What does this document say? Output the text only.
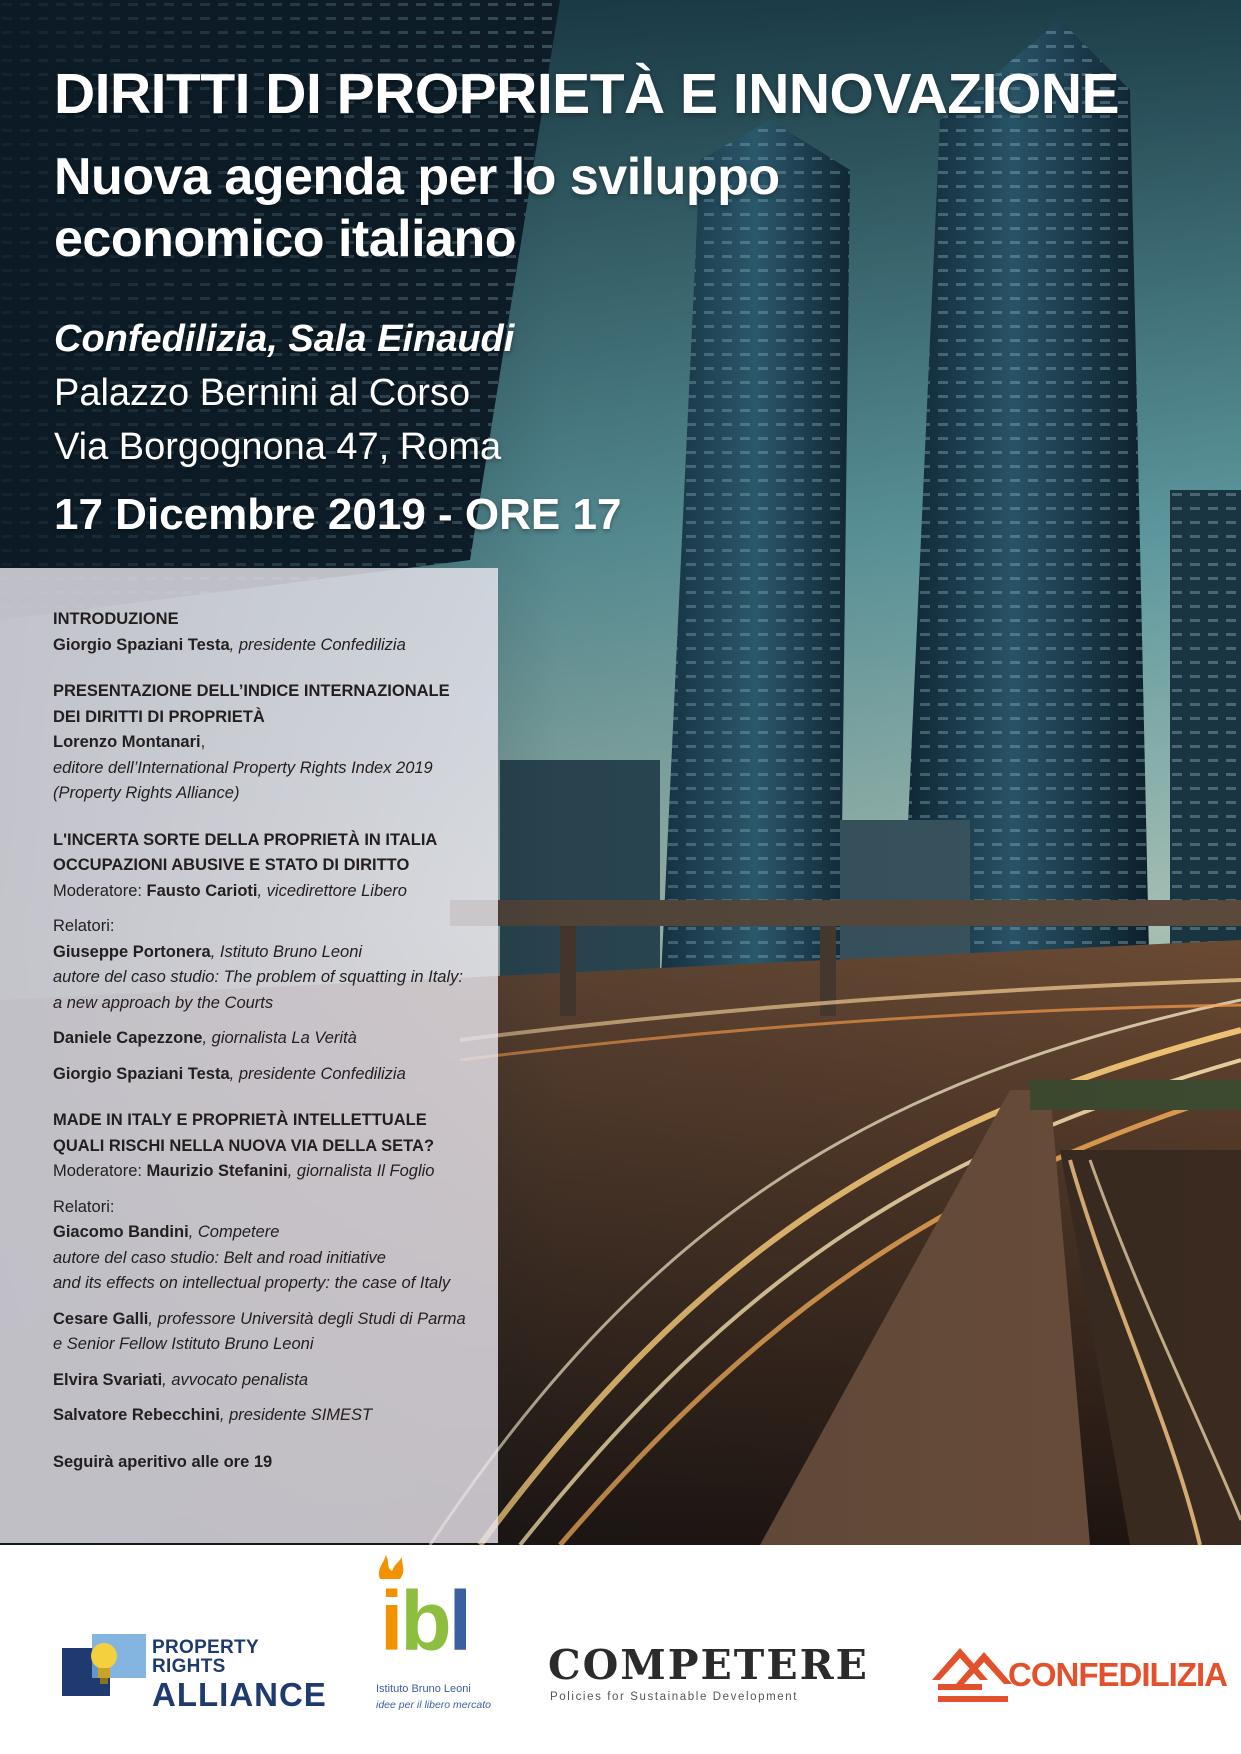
DIRITTI DI PROPRIETÀ E INNOVAZIONE
Nuova agenda per lo sviluppo economico italiano
Confedilizia, Sala Einaudi
Palazzo Bernini al Corso
Via Borgognona 47, Roma
17 Dicembre 2019 - ORE 17
INTRODUZIONE
Giorgio Spaziani Testa, presidente Confedilizia
PRESENTAZIONE DELL’INDICE INTERNAZIONALE
DEI DIRITTI DI PROPRIETÀ
Lorenzo Montanari,
editore dell’International Property Rights Index 2019
(Property Rights Alliance)
L'INCERTA SORTE DELLA PROPRIETÀ IN ITALIA
OCCUPAZIONI ABUSIVE E STATO DI DIRITTO
Moderatore: Fausto Carioti, vicedirettore Libero
Relatori:
Giuseppe Portonera, Istituto Bruno Leoni
autore del caso studio: The problem of squatting in Italy:
a new approach by the Courts
Daniele Capezzone, giornalista La Verità
Giorgio Spaziani Testa, presidente Confedilizia
MADE IN ITALY E PROPRIETÀ INTELLETTUALE
QUALI RISCHI NELLA NUOVA VIA DELLA SETA?
Moderatore: Maurizio Stefanini, giornalista Il Foglio
Relatori:
Giacomo Bandini, Competere
autore del caso studio: Belt and road initiative
and its effects on intellectual property: the case of Italy
Cesare Galli, professore Università degli Studi di Parma
e Senior Fellow Istituto Bruno Leoni
Elvira Svariati, avvocato penalista
Salvatore Rebecchini, presidente SIMEST
Seguirà aperitivo alle ore 19
PROPERTY RIGHTS
ALLIANCE
ibl
Istituto Bruno Leoni
idee per il libero mercato
COMPETERE
Policies for Sustainable Development
CONFEDILIZIA
